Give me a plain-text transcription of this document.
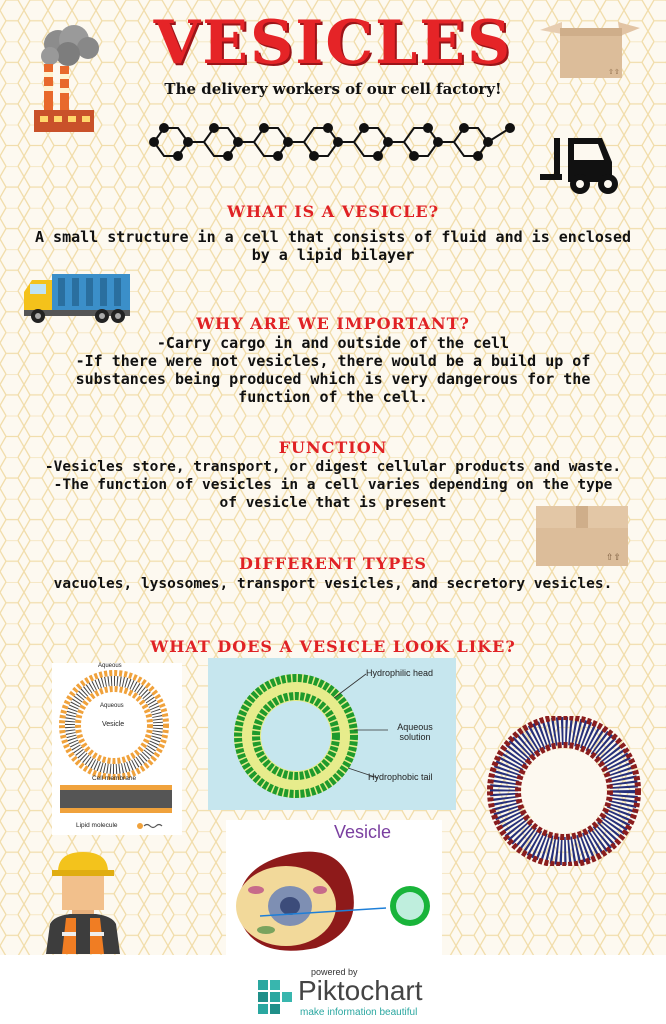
⇧⇧
VESICLES
The delivery workers of our cell factory!
WHAT IS A VESICLE?
A small structure in a cell that consists of fluid and is enclosed
by a lipid bilayer
WHY ARE WE IMPORTANT?
-Carry cargo in and outside of the cell
-If there were not vesicles, there would be a build up of
substances being produced which is very dangerous for the
function of the cell.
FUNCTION
-Vesicles store, transport, or digest cellular products and waste.
-The function of vesicles in a cell varies depending on the type
of vesicle that is present
⇧⇧
DIFFERENT TYPES
vacuoles, lysosomes, transport vesicles, and secretory vesicles.
WHAT DOES A VESICLE LOOK LIKE?
Aqueous
Aqueous
Vesicle
Cell membrane
Lipid molecule
Hydrophilic head
Aqueous solution
Hydrophobic tail
Vesicle
powered by
Piktochart
make information beautiful
